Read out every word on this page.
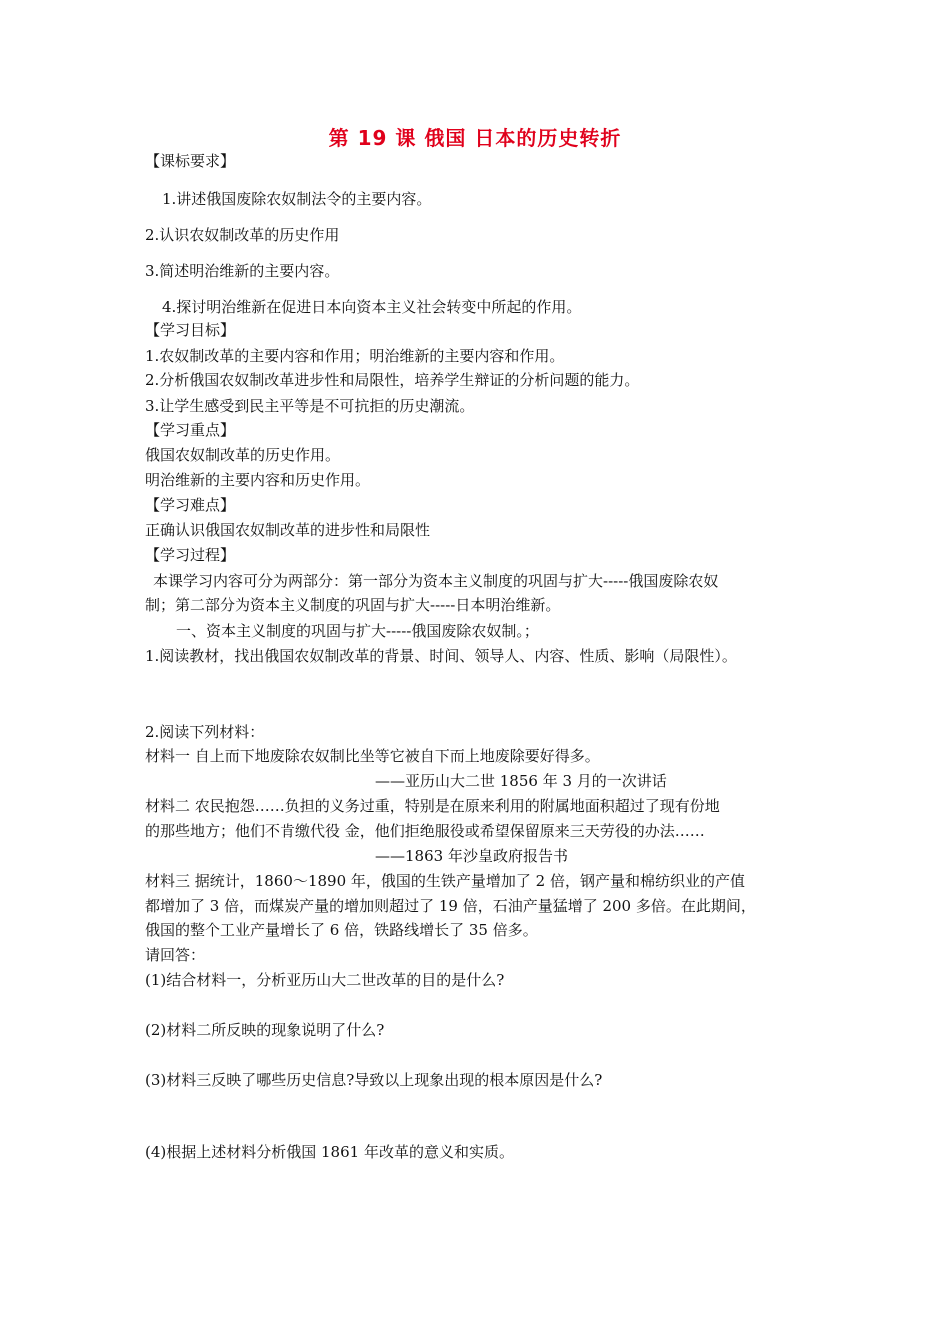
第 19 课 俄国 日本的历史转折
【课标要求】
1.讲述俄国废除农奴制法令的主要内容。
2.认识农奴制改革的历史作用
3.简述明治维新的主要内容。
4.探讨明治维新在促进日本向资本主义社会转变中所起的作用。
【学习目标】
1.农奴制改革的主要内容和作用；明治维新的主要内容和作用。
2.分析俄国农奴制改革进步性和局限性，培养学生辩证的分析问题的能力。
3.让学生感受到民主平等是不可抗拒的历史潮流。
【学习重点】
俄国农奴制改革的历史作用。
明治维新的主要内容和历史作用。
【学习难点】
正确认识俄国农奴制改革的进步性和局限性
【学习过程】
本课学习内容可分为两部分：第一部分为资本主义制度的巩固与扩大-----俄国废除农奴
制；第二部分为资本主义制度的巩固与扩大-----日本明治维新。
一、资本主义制度的巩固与扩大-----俄国废除农奴制。；
1.阅读教材，找出俄国农奴制改革的背景、时间、领导人、内容、性质、影响（局限性）。
2.阅读下列材料：
材料一 自上而下地废除农奴制比坐等它被自下而上地废除要好得多。
——亚历山大二世 1856 年 3 月的一次讲话
材料二 农民抱怨……负担的义务过重，特别是在原来利用的附属地面积超过了现有份地
的那些地方；他们不肯缴代役 金，他们拒绝服役或希望保留原来三天劳役的办法……
——1863 年沙皇政府报告书
材料三 据统计，1860～1890 年，俄国的生铁产量增加了 2 倍，钢产量和棉纺织业的产值
都增加了 3 倍，而煤炭产量的增加则超过了 19 倍，石油产量猛增了 200 多倍。在此期间，
俄国的整个工业产量增长了 6 倍，铁路线增长了 35 倍多。
请回答：
(1)结合材料一，分析亚历山大二世改革的目的是什么?
(2)材料二所反映的现象说明了什么?
(3)材料三反映了哪些历史信息?导致以上现象出现的根本原因是什么?
(4)根据上述材料分析俄国 1861 年改革的意义和实质。
